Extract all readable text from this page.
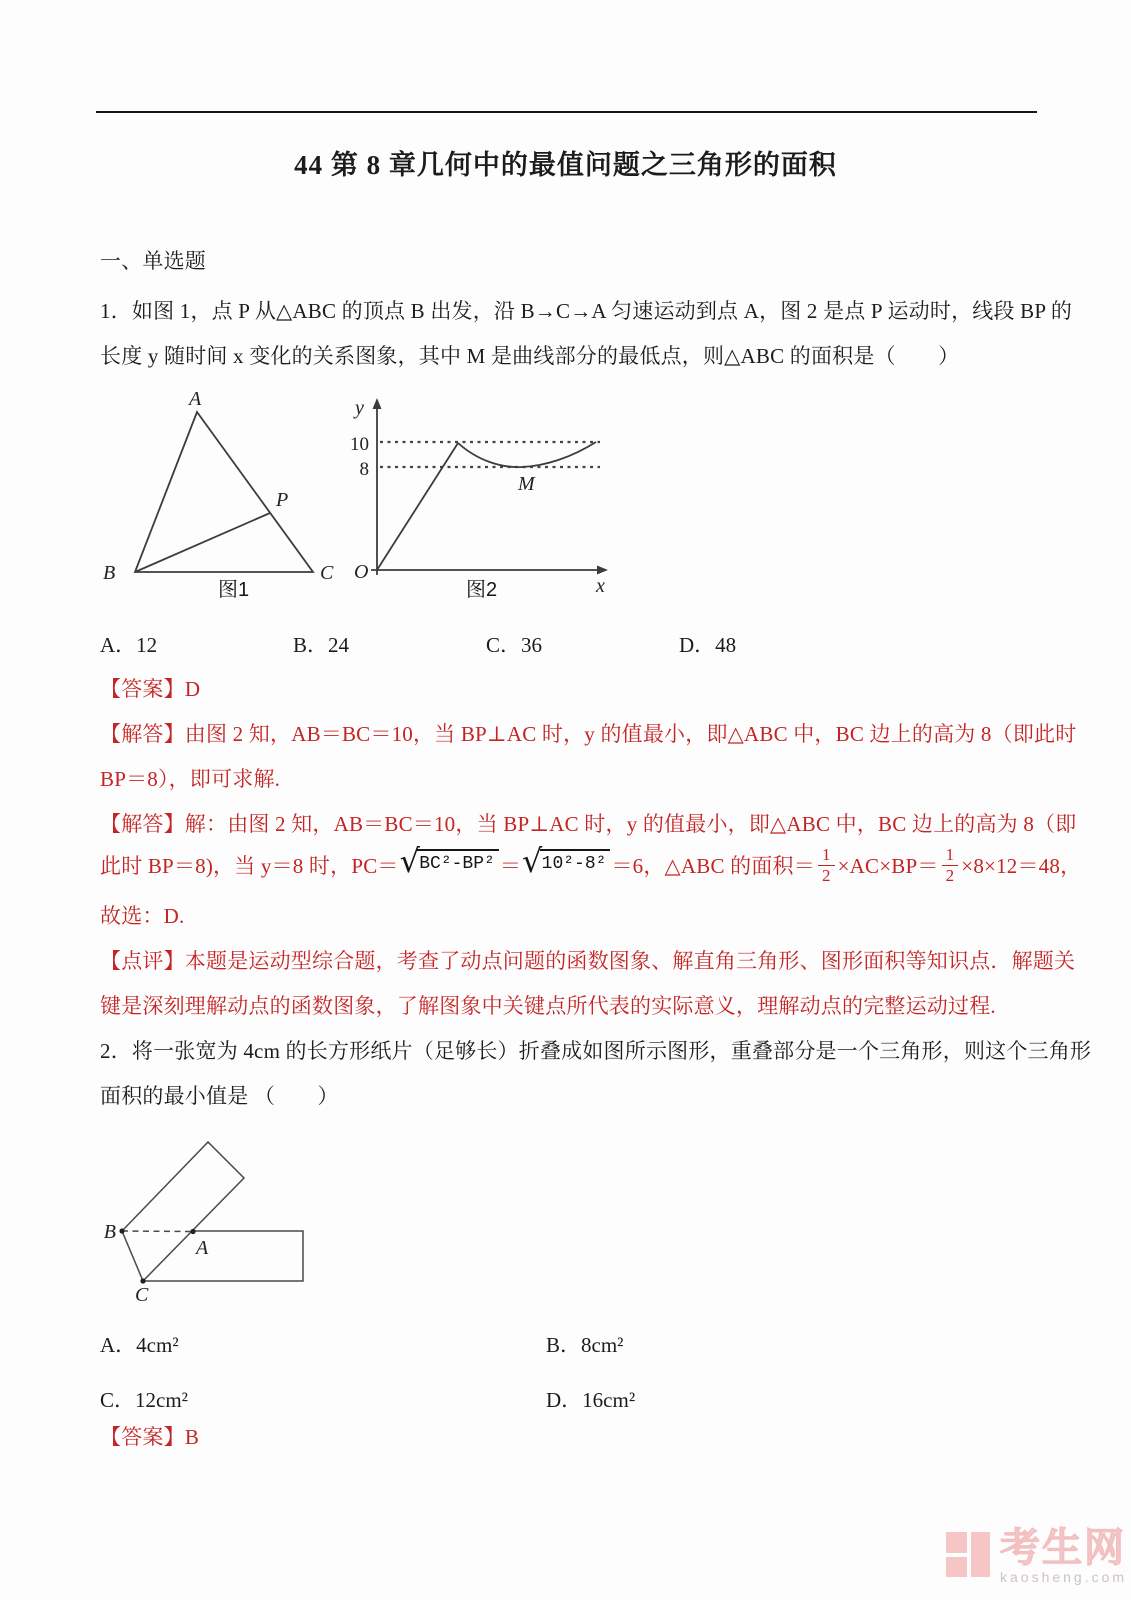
44 第 8 章几何中的最值问题之三角形的面积
一、单选题
1．如图 1，点 P 从△ABC 的顶点 B 出发，沿 B→C→A 匀速运动到点 A，图 2 是点 P 运动时，线段 BP 的
长度 y 随时间 x 变化的关系图象，其中 M 是曲线部分的最低点，则△ABC 的面积是（　　）
A
B	C
P
图1
y
x
O
10
8
M
图2
B
A
C
A．12	B．24	C．36	D．48
【答案】D
【解答】由图 2 知，AB＝BC＝10，当 BP⊥AC 时，y 的值最小，即△ABC 中，BC 边上的高为 8（即此时
BP＝8），即可求解.
【解答】解：由图 2 知，AB＝BC＝10，当 BP⊥AC 时，y 的值最小，即△ABC 中，BC 边上的高为 8（即
此时 BP＝8)，当 y＝8 时，PC＝ √ BC²-BP² ＝ √ 10²-8² ＝6，△ABC 的面积＝ $\frac{1}{2} \times AC\times BP= \frac{1}{2} \times 8\times 12=48$，
故选：D.
【点评】本题是运动型综合题，考查了动点问题的函数图象、解直角三角形、图形面积等知识点．解题关
键是深刻理解动点的函数图象，了解图象中关键点所代表的实际意义，理解动点的完整运动过程.
2．将一张宽为 4cm 的长方形纸片（足够长）折叠成如图所示图形，重叠部分是一个三角形，则这个三角形
面积的最小值是 （　　）
A．4cm²	B．8cm²
C．12cm²	D．16cm²
【答案】B
考生网
kaosheng.com
